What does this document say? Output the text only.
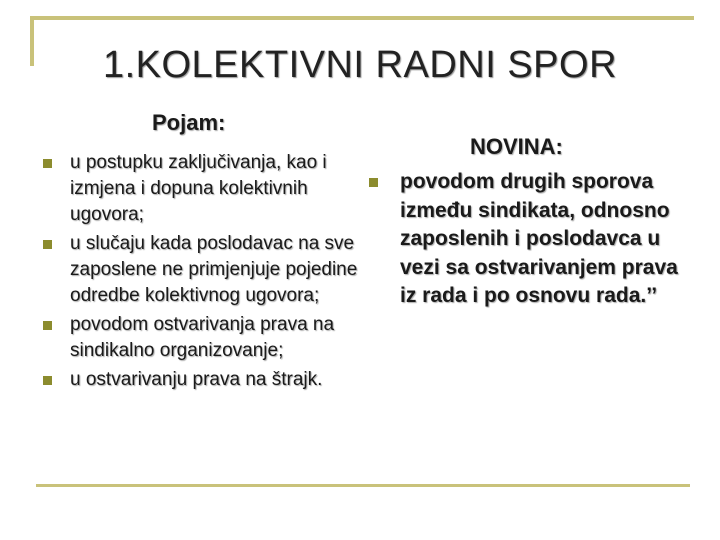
1.KOLEKTIVNI RADNI SPOR
Pojam:
u postupku zaključivanja, kao i izmjena i dopuna kolektivnih ugovora;
u slučaju kada poslodavac na sve zaposlene ne primjenjuje pojedine odredbe kolektivnog ugovora;
povodom ostvarivanja prava na sindikalno organizovanje;
u ostvarivanju prava na štrajk.
NOVINA:
povodom drugih sporova između sindikata, odnosno zaposlenih i poslodavca u vezi sa ostvarivanjem prava iz rada i po osnovu rada.’’
